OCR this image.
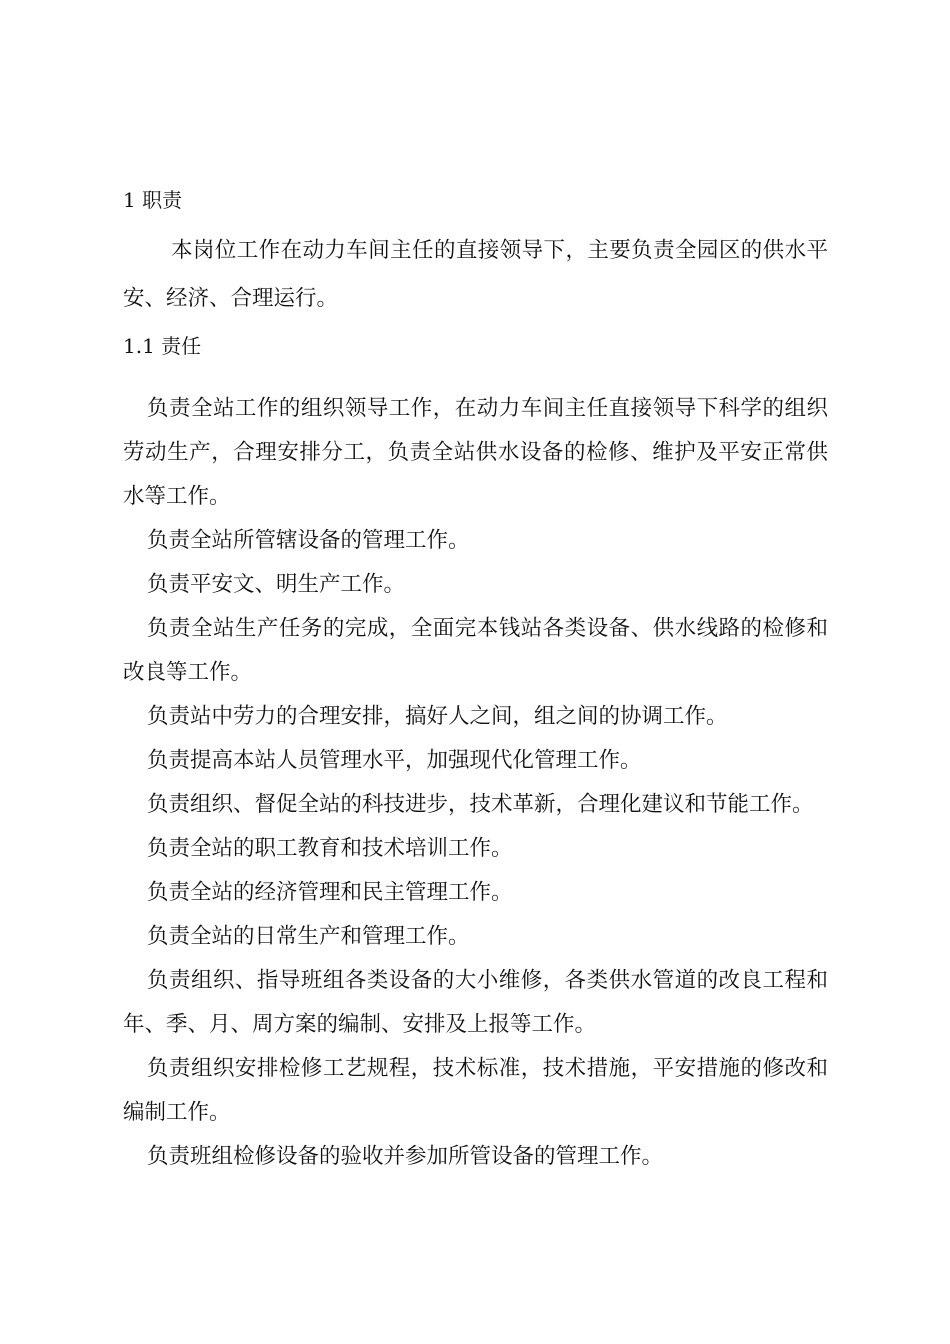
1 职责

本岗位工作在动力车间主任的直接领导下，主要负责全园区的供水平安、经济、合理运行。

1.1 责任

负责全站工作的组织领导工作，在动力车间主任直接领导下科学的组织劳动生产，合理安排分工，负责全站供水设备的检修、维护及平安正常供水等工作。

负责全站所管辖设备的管理工作。

负责平安文、明生产工作。

负责全站生产任务的完成，全面完本钱站各类设备、供水线路的检修和改良等工作。

负责站中劳力的合理安排，搞好人之间，组之间的协调工作。

负责提高本站人员管理水平，加强现代化管理工作。

负责组织、督促全站的科技进步，技术革新，合理化建议和节能工作。

负责全站的职工教育和技术培训工作。

负责全站的经济管理和民主管理工作。

负责全站的日常生产和管理工作。

负责组织、指导班组各类设备的大小维修，各类供水管道的改良工程和年、季、月、周方案的编制、安排及上报等工作。

负责组织安排检修工艺规程，技术标准，技术措施，平安措施的修改和编制工作。

负责班组检修设备的验收并参加所管设备的管理工作。
